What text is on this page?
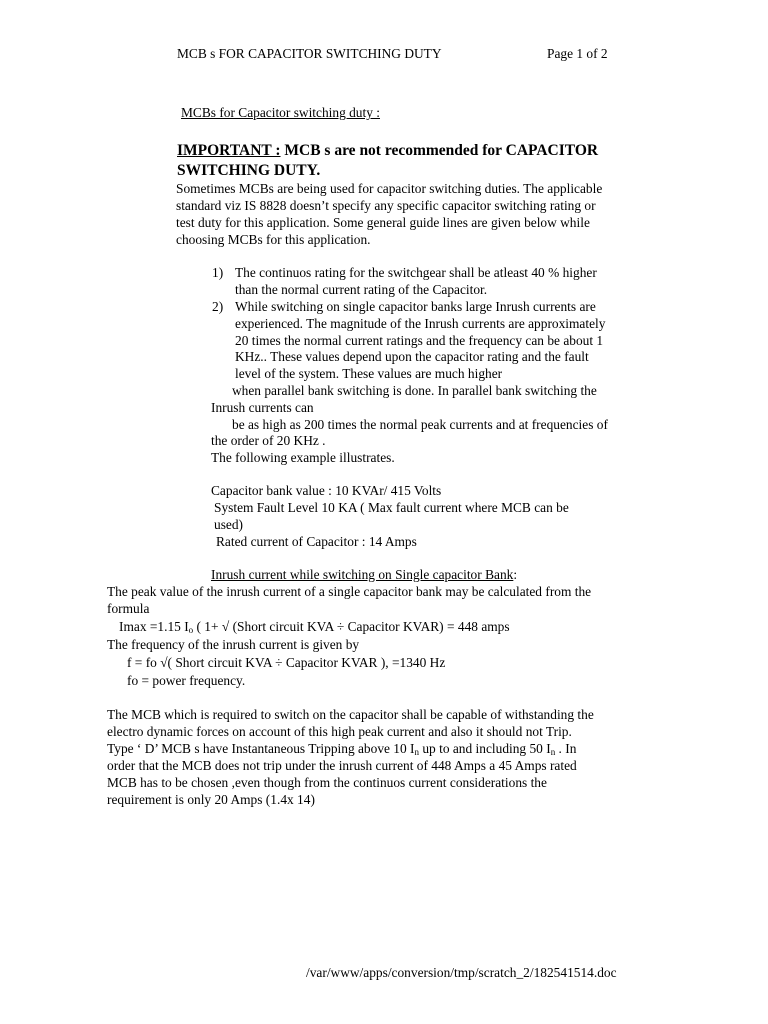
MCB s FOR CAPACITOR SWITCHING DUTY	Page 1 of 2
MCBs for Capacitor switching duty :
IMPORTANT : MCB s are not recommended for CAPACITOR
SWITCHING DUTY.
Sometimes MCBs are being used for capacitor switching duties. The applicable
standard viz IS 8828 doesn’t specify any specific capacitor switching rating or
test duty for this application. Some general guide lines are given below while
choosing MCBs for this application.
1) The continuos rating for the switchgear shall be atleast 40 % higher
than the normal current rating of the Capacitor.
2) While switching on single capacitor banks large Inrush currents are
experienced. The magnitude of the Inrush currents are approximately
20 times the normal current ratings and the frequency can be about 1
KHz.. These values depend upon the capacitor rating and the fault
level of the system. These values are much higher
when parallel bank switching is done. In parallel bank switching the
Inrush currents can
be as high as 200 times the normal peak currents and at frequencies of
the order of 20 KHz .
The following example illustrates.
Capacitor bank value : 10 KVAr/ 415 Volts
System Fault Level 10 KA ( Max fault current where MCB can be
used)
Rated current of Capacitor : 14 Amps
Inrush current while switching on Single capacitor Bank:
The peak value of the inrush current of a single capacitor bank may be calculated from the
formula
Imax =1.15 $I_o$ ( 1+ √ (Short circuit KVA ÷ Capacitor KVAR) = 448 amps
The frequency of the inrush current is given by
f = fo √( Short circuit KVA ÷ Capacitor KVAR ), =1340 Hz
fo = power frequency.
The MCB which is required to switch on the capacitor shall be capable of withstanding the
electro dynamic forces on account of this high peak current and also it should not Trip.
Type ‘ D’ MCB s have Instantaneous Tripping above 10 $I_n$ up to and including 50 $I_n$ . In
order that the MCB does not trip under the inrush current of 448 Amps a 45 Amps rated
MCB has to be chosen ,even though from the continuos current considerations the
requirement is only 20 Amps (1.4x 14)
/var/www/apps/conversion/tmp/scratch_2/182541514.doc
